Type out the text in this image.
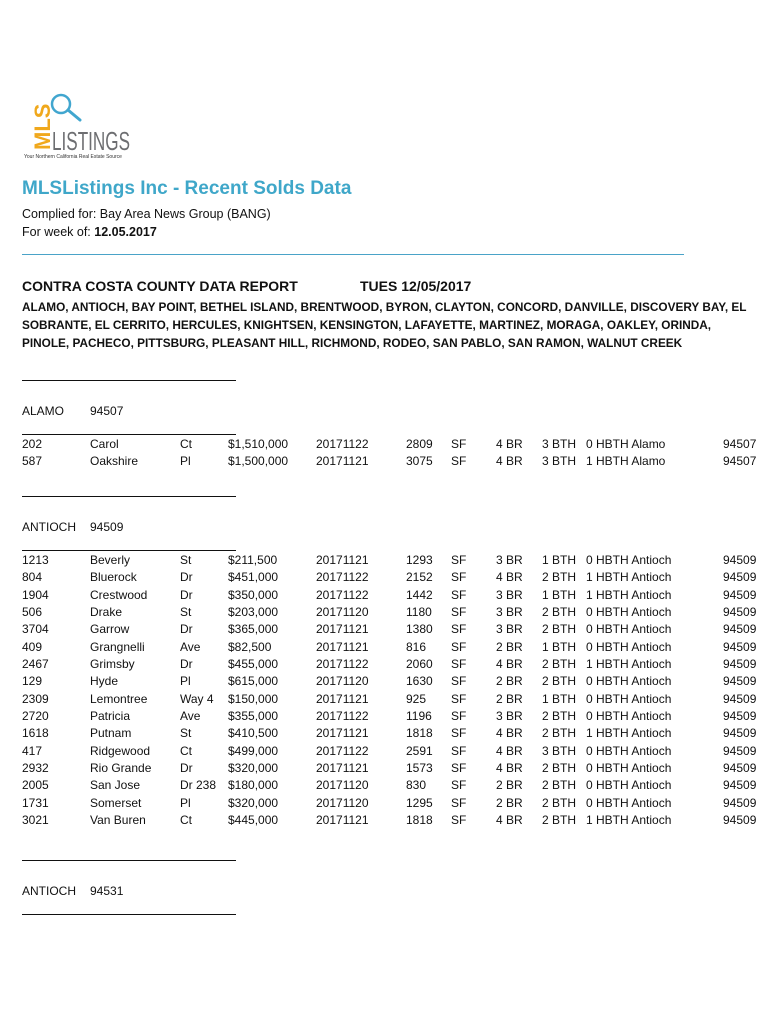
MLS
LISTINGS
Your Northern California Real Estate Source
MLSListings Inc - Recent Solds Data
Complied for: Bay Area News Group (BANG)
For week of: 12.05.2017
CONTRA COSTA COUNTY DATA REPORT	TUES 12/05/2017
ALAMO, ANTIOCH, BAY POINT, BETHEL ISLAND, BRENTWOOD, BYRON, CLAYTON, CONCORD, DANVILLE, DISCOVERY BAY, EL SOBRANTE, EL CERRITO, HERCULES, KNIGHTSEN, KENSINGTON, LAFAYETTE, MARTINEZ, MORAGA, OAKLEY, ORINDA, PINOLE, PACHECO, PITTSBURG, PLEASANT HILL, RICHMOND, RODEO, SAN PABLO, SAN RAMON, WALNUT CREEK
ALAMO 94507
202	Carol	Ct	$1,510,000 20171122	2809 SF 4 BR 3 BTH 0 HBTH Alamo	94507
587	Oakshire	Pl	$1,500,000 20171121	3075 SF 4 BR 3 BTH 1 HBTH Alamo	94507
ANTIOCH 94509
1213	Beverly	St	$211,500	20171121	1293 SF 3 BR 1 BTH 0 HBTH Antioch	94509
804	Bluerock	Dr	$451,000	20171122	2152 SF 4 BR 2 BTH 1 HBTH Antioch	94509
1904	Crestwood	Dr	$350,000	20171122	1442 SF 3 BR 1 BTH 1 HBTH Antioch	94509
506	Drake	St	$203,000	20171120	1180 SF 3 BR 2 BTH 0 HBTH Antioch	94509
3704	Garrow	Dr	$365,000	20171121	1380 SF 3 BR 2 BTH 0 HBTH Antioch	94509
409	Grangnelli	Ave $82,500	20171121	816 SF 2 BR 1 BTH 0 HBTH Antioch	94509
2467	Grimsby	Dr	$455,000	20171122	2060 SF 4 BR 2 BTH 1 HBTH Antioch	94509
129	Hyde	Pl	$615,000	20171120	1630 SF 2 BR 2 BTH 0 HBTH Antioch	94509
2309	Lemontree	Way 4 $150,000	20171121	925 SF 2 BR 1 BTH 0 HBTH Antioch	94509
2720	Patricia	Ave $355,000	20171122	1196 SF 3 BR 2 BTH 0 HBTH Antioch	94509
1618	Putnam	St	$410,500	20171121	1818 SF 4 BR 2 BTH 1 HBTH Antioch	94509
417	Ridgewood Ct	$499,000	20171122	2591 SF 4 BR 3 BTH 0 HBTH Antioch	94509
2932	Rio Grande Dr	$320,000	20171121	1573 SF 4 BR 2 BTH 0 HBTH Antioch	94509
2005	San Jose	Dr 238 $180,000	20171120	830 SF 2 BR 2 BTH 0 HBTH Antioch	94509
1731	Somerset	Pl	$320,000	20171120	1295 SF 2 BR 2 BTH 0 HBTH Antioch	94509
3021	Van Buren	Ct	$445,000	20171121	1818 SF 4 BR 2 BTH 1 HBTH Antioch	94509
ANTIOCH 94531
